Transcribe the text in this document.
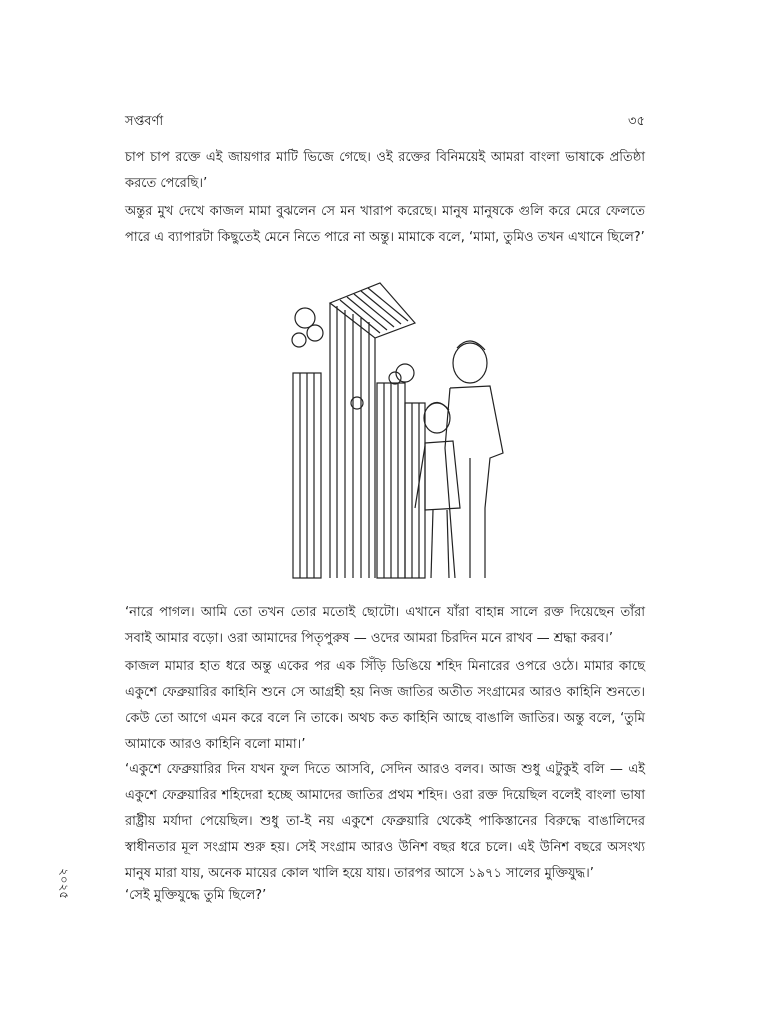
সপ্তবর্ণা	৩৫

চাপ চাপ রক্তে এই জায়গার মাটি ভিজে গেছে। ওই রক্তের বিনিময়েই আমরা বাংলা ভাষাকে প্রতিষ্ঠা করতে পেরেছি।’

অন্তুর মুখ দেখে কাজল মামা বুঝলেন সে মন খারাপ করেছে। মানুষ মানুষকে গুলি করে মেরে ফেলতে পারে এ ব্যাপারটা কিছুতেই মেনে নিতে পারে না অন্তু। মামাকে বলে, ‘মামা, তুমিও তখন এখানে ছিলে?’

‘নারে পাগল। আমি তো তখন তোর মতোই ছোটো। এখানে যাঁরা বাহান্ন সালে রক্ত দিয়েছেন তাঁরা সবাই আমার বড়ো। ওরা আমাদের পিতৃপুরুষ — ওদের আমরা চিরদিন মনে রাখব — শ্রদ্ধা করব।’

কাজল মামার হাত ধরে অন্তু একের পর এক সিঁড়ি ডিঙিয়ে শহিদ মিনারের ওপরে ওঠে। মামার কাছে একুশে ফেব্রুয়ারির কাহিনি শুনে সে আগ্রহী হয় নিজ জাতির অতীত সংগ্রামের আরও কাহিনি শুনতে। কেউ তো আগে এমন করে বলে নি তাকে। অথচ কত কাহিনি আছে বাঙালি জাতির। অন্তু বলে, ‘তুমি আমাকে আরও কাহিনি বলো মামা।’

‘একুশে ফেব্রুয়ারির দিন যখন ফুল দিতে আসবি, সেদিন আরও বলব। আজ শুধু এটুকুই বলি — এই একুশে ফেব্রুয়ারির শহিদেরা হচ্ছে আমাদের জাতির প্রথম শহিদ। ওরা রক্ত দিয়েছিল বলেই বাংলা ভাষা রাষ্ট্রীয় মর্যাদা পেয়েছিল। শুধু তা-ই নয় একুশে ফেব্রুয়ারি থেকেই পাকিস্তানের বিরুদ্ধে বাঙালিদের স্বাধীনতার মূল সংগ্রাম শুরু হয়। সেই সংগ্রাম আরও উনিশ বছর ধরে চলে। এই উনিশ বছরে অসংখ্য মানুষ মারা যায়, অনেক মায়ের কোল খালি হয়ে যায়। তারপর আসে ১৯৭১ সালের মুক্তিযুদ্ধ।’

‘সেই মুক্তিযুদ্ধে তুমি ছিলে?’

২০২৫
